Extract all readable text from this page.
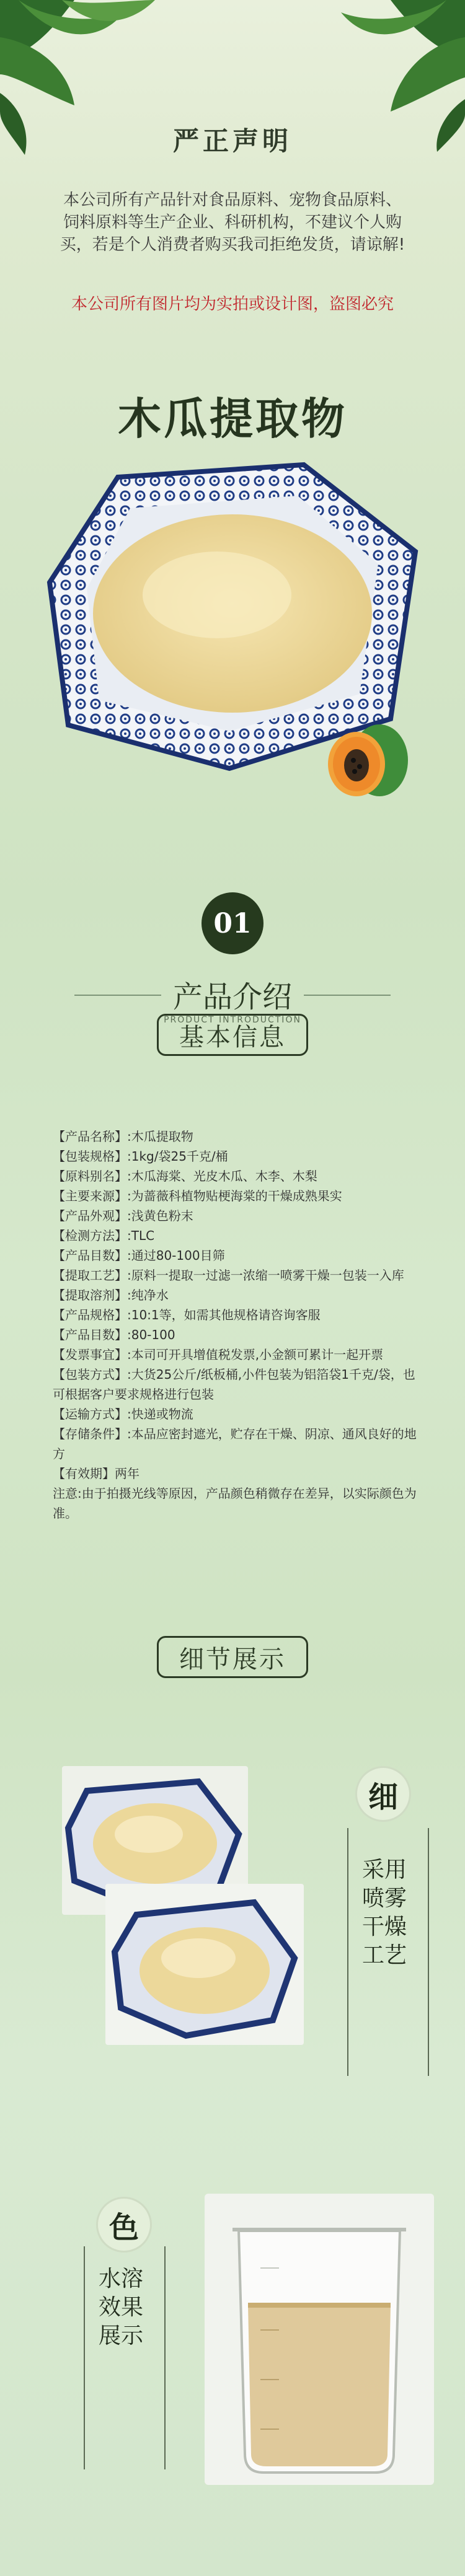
严正声明
本公司所有产品针对食品原料、宠物食品原料、饲料原料等生产企业、科研机构，不建议个人购买，若是个人消费者购买我司拒绝发货，请谅解!
本公司所有图片均为实拍或设计图，盗图必究
木瓜提取物
01
产品介绍
PRODUCT INTRODUCTION
基本信息
【产品名称】:木瓜提取物
【包装规格】:1kg/袋25千克/桶
【原料别名】:木瓜海棠、光皮木瓜、木李、木梨
【主要来源】:为蔷薇科植物贴梗海棠的干燥成熟果实
【产品外观】:浅黄色粉末
【检测方法】:TLC
【产品目数】:通过80-100目筛
【提取工艺】:原料一提取一过滤一浓缩一喷雾干燥一包装一入库
【提取溶剂】:纯净水
【产品规格】:10:1等，如需其他规格请咨询客服
【产品目数】:80-100
【发票事宜】:本司可开具增值税发票,小金额可累计一起开票
【包装方式】:大货25公斤/纸板桶,小件包装为铝箔袋1千克/袋，也可根据客户要求规格进行包装
【运输方式】:快递或物流
【存储条件】:本品应密封遮光，贮存在干燥、阴凉、通风良好的地方
【有效期】两年
注意:由于拍摄光线等原因，产品颜色稍微存在差异，以实际颜色为准。
细节展示
细
采用喷雾干燥工艺
色
水溶效果展示
